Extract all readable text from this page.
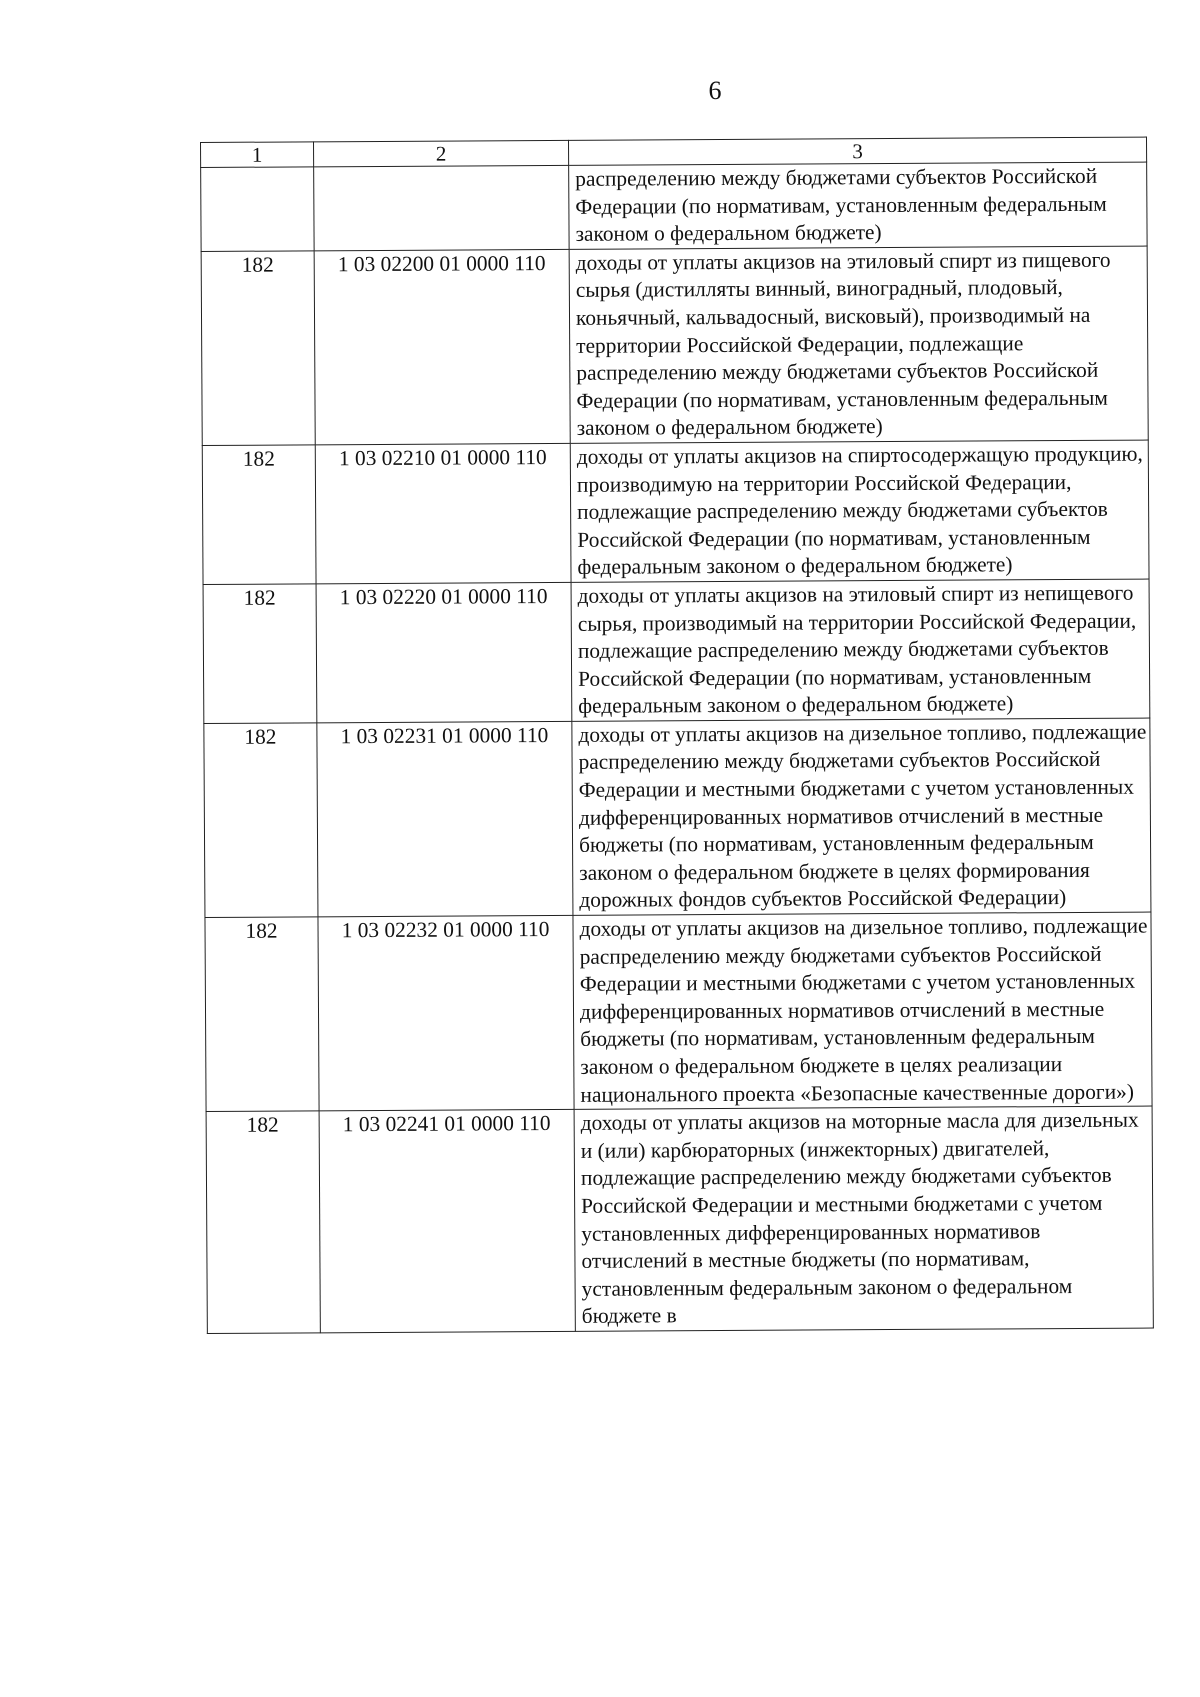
6
1	2	3
		распределению между бюджетами субъектов Российской Федерации (по нормативам, установленным федеральным законом о федеральном бюджете)
182	1 03 02200 01 0000 110	доходы от уплаты акцизов на этиловый спирт из пищевого сырья (дистилляты винный, виноградный, плодовый, коньячный, кальвадосный, висковый), производимый на территории Российской Федерации, подлежащие распределению между бюджетами субъектов Российской Федерации (по нормативам, установленным федеральным законом о федеральном бюджете)
182	1 03 02210 01 0000 110	доходы от уплаты акцизов на спиртосодержащую продукцию, производимую на территории Российской Федерации, подлежащие распределению между бюджетами субъектов Российской Федерации (по нормативам, установленным федеральным законом о федеральном бюджете)
182	1 03 02220 01 0000 110	доходы от уплаты акцизов на этиловый спирт из непищевого сырья, производимый на территории Российской Федерации, подлежащие распределению между бюджетами субъектов Российской Федерации (по нормативам, установленным федеральным законом о федеральном бюджете)
182	1 03 02231 01 0000 110	доходы от уплаты акцизов на дизельное топливо, подлежащие распределению между бюджетами субъектов Российской Федерации и местными бюджетами с учетом установленных дифференцированных нормативов отчислений в местные бюджеты (по нормативам, установленным федеральным законом о федеральном бюджете в целях формирования дорожных фондов субъектов Российской Федерации)
182	1 03 02232 01 0000 110	доходы от уплаты акцизов на дизельное топливо, подлежащие распределению между бюджетами субъектов Российской Федерации и местными бюджетами с учетом установленных дифференцированных нормативов отчислений в местные бюджеты (по нормативам, установленным федеральным законом о федеральном бюджете в целях реализации национального проекта «Безопасные качественные дороги»)
182	1 03 02241 01 0000 110	доходы от уплаты акцизов на моторные масла для дизельных и (или) карбюраторных (инжекторных) двигателей, подлежащие распределению между бюджетами субъектов Российской Федерации и местными бюджетами с учетом установленных дифференцированных нормативов отчислений в местные бюджеты (по нормативам, установленным федеральным законом о федеральном бюджете в
